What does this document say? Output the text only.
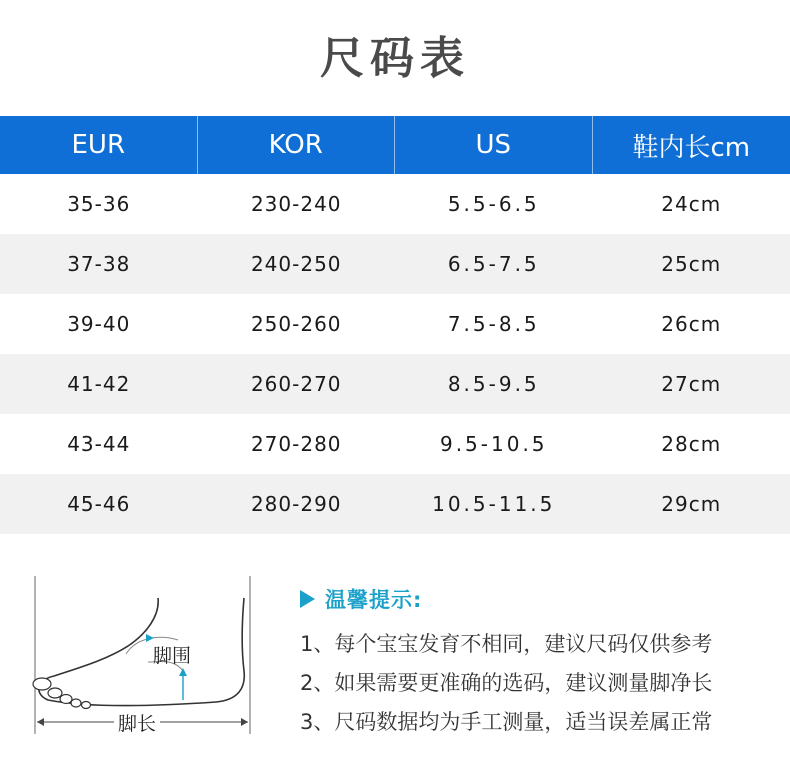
尺码表
EUR	KOR	US	鞋内长cm
35-36	230-240	5.5-6.5	24cm
37-38	240-250	6.5-7.5	25cm
39-40	250-260	7.5-8.5	26cm
41-42	260-270	8.5-9.5	27cm
43-44	270-280	9.5-10.5	28cm
45-46	280-290	10.5-11.5	29cm
脚围
脚长
温馨提示:
1、每个宝宝发育不相同，建议尺码仅供参考
2、如果需要更准确的选码，建议测量脚净长
3、尺码数据均为手工测量，适当误差属正常
